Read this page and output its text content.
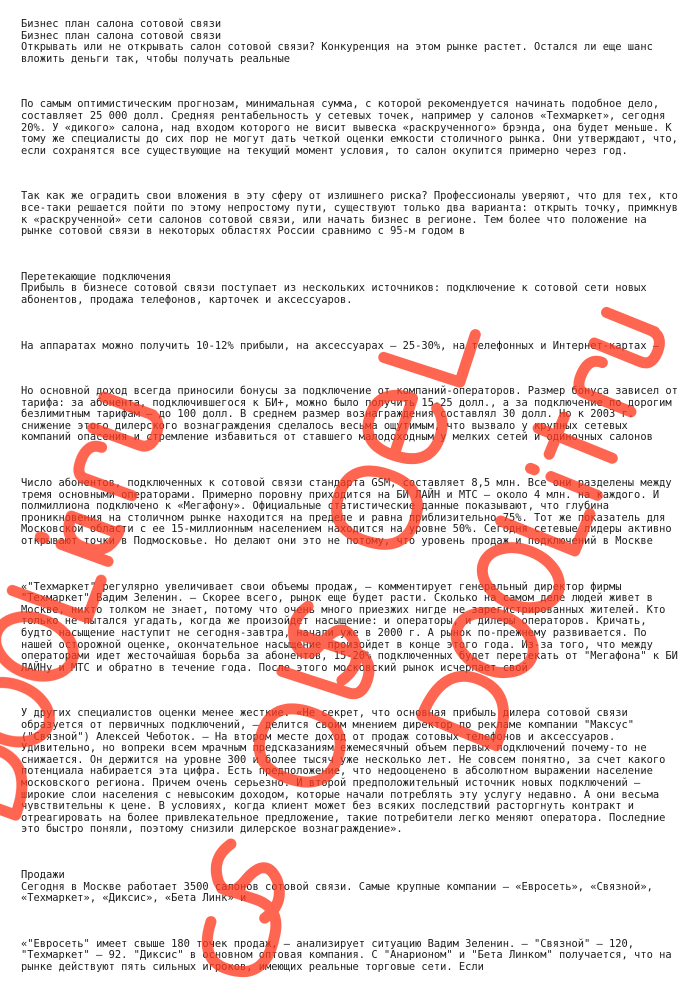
Бизнес план салона сотовой связи

Бизнес план салона сотовой связи

Открывать или не открывать салон сотовой связи? Конкуренция на этом рынке растет. Остался ли еще шанс вложить деньги так, чтобы получать реальные

По самым оптимистическим прогнозам, минимальная сумма, с которой рекомендуется начинать подобное дело, составляет 25 000 долл. Средняя рентабельность у сетевых точек, например у салонов «Техмаркет», сегодня 20%. У «дикого» салона, над входом которого не висит вывеска «раскрученного» брэнда, она будет меньше. К тому же специалисты до сих пор не могут дать четкой оценки емкости столичного рынка. Они утверждают, что, если сохранятся все существующие на текущий момент условия, то салон окупится примерно через год.

Так как же оградить свои вложения в эту сферу от излишнего риска? Профессионалы уверяют, что для тех, кто все-таки решается пойти по этому непростому пути, существуют только два варианта: открыть точку, примкнув к «раскрученной» сети салонов сотовой связи, или начать бизнес в регионе. Тем более что положение на рынке сотовой связи в некоторых областях России сравнимо с 95-м годом в

Перетекающие подключения

Прибыль в бизнесе сотовой связи поступает из нескольких источников: подключение к сотовой сети новых абонентов, продажа телефонов, карточек и аксессуаров.

На аппаратах можно получить 10-12% прибыли, на аксессуарах — 25-30%, на телефонных и Интернет-картах —

Но основной доход всегда приносили бонусы за подключение от компаний-операторов. Размер бонуса зависел от тарифа: за абонента, подключившегося к БИ+, можно было получить 15-25 долл., а за подключение по дорогим безлимитным тарифам — до 100 долл. В среднем размер вознаграждения составлял 30 долл. Но к 2003 г. снижение этого дилерского вознаграждения сделалось весьма ощутимым, что вызвало у крупных сетевых компаний опасения и стремление избавиться от ставшего малодоходным у мелких сетей и одиночных салонов

Число абонентов, подключенных к сотовой связи стандарта GSM, составляет 8,5 млн. Все они разделены между тремя основными операторами. Примерно поровну приходится на БИ ЛАЙН и МТС — около 4 млн. на каждого. И полмиллиона подключено к «Мегафону». Официальные статистические данные показывают, что глубина проникновения на столичном рынке находится на пределе и равна приблизительно 75%. Тот же показатель для Московской области с ее 15-миллионным населением находится на уровне 50%. Сегодня сетевые лидеры активно открывают точки в Подмосковье. Но делают они это не потому, что уровень продаж и подключений в Москве

«"Техмаркет" регулярно увеличивает свои объемы продаж, — комментирует генеральный директор фирмы "Техмаркет" Вадим Зеленин. — Скорее всего, рынок еще будет расти. Сколько на самом деле людей живет в Москве, никто толком не знает, потому что очень много приезжих нигде не зарегистрированных жителей. Кто только не пытался угадать, когда же произойдет насыщение: и операторы, и дилеры операторов. Кричать, будто насыщение наступит не сегодня-завтра, начали уже в 2000 г. А рынок по-прежнему развивается. По нашей осторожной оценке, окончательное насыщение произойдет в конце этого года. Из-за того, что между операторами идет жесточайшая борьба за абонентов, 15-20% подключенных будет перетекать от "Мегафона" к БИ ЛАЙНу и МТС и обратно в течение года. После этого московский рынок исчерпает свой

У других специалистов оценки менее жесткие. «Не секрет, что основная прибыль дилера сотовой связи образуется от первичных подключений, — делится своим мнением директор по рекламе компании "Максус" ("Связной") Алексей Чеботок. — На втором месте доход от продаж сотовых телефонов и аксессуаров. Удивительно, но вопреки всем мрачным предсказаниям ежемесячный объем первых подключений почему-то не снижается. Он держится на уровне 300 и более тысяч уже несколько лет. Не совсем понятно, за счет какого потенциала набирается эта цифра. Есть предположение, что недооценено в абсолютном выражении население московского региона. Причем очень серьезно. И второй предположительный источник новых подключений — широкие слои населения с невысоким доходом, которые начали потреблять эту услугу недавно. А они весьма чувствительны к цене. В условиях, когда клиент может без всяких последствий расторгнуть контракт и отреагировать на более привлекательное предложение, такие потребители легко меняют оператора. Последние это быстро поняли, поэтому снизили дилерское вознаграждение».

Продажи

Сегодня в Москве работает 3500 салонов сотовой связи. Самые крупные компании — «Евросеть», «Связной», «Техмаркет», «Диксис», «Бета Линк» и

«"Евросеть" имеет свыше 180 точек продаж, — анализирует ситуацию Вадим Зеленин. — "Связной" — 120, "Техмаркет" — 92. "Диксис" в основном оптовая компания. С "Анарионом" и "Бета Линком" получается, что на рынке действуют пять сильных игроков, имеющих реальные торговые сети. Если
